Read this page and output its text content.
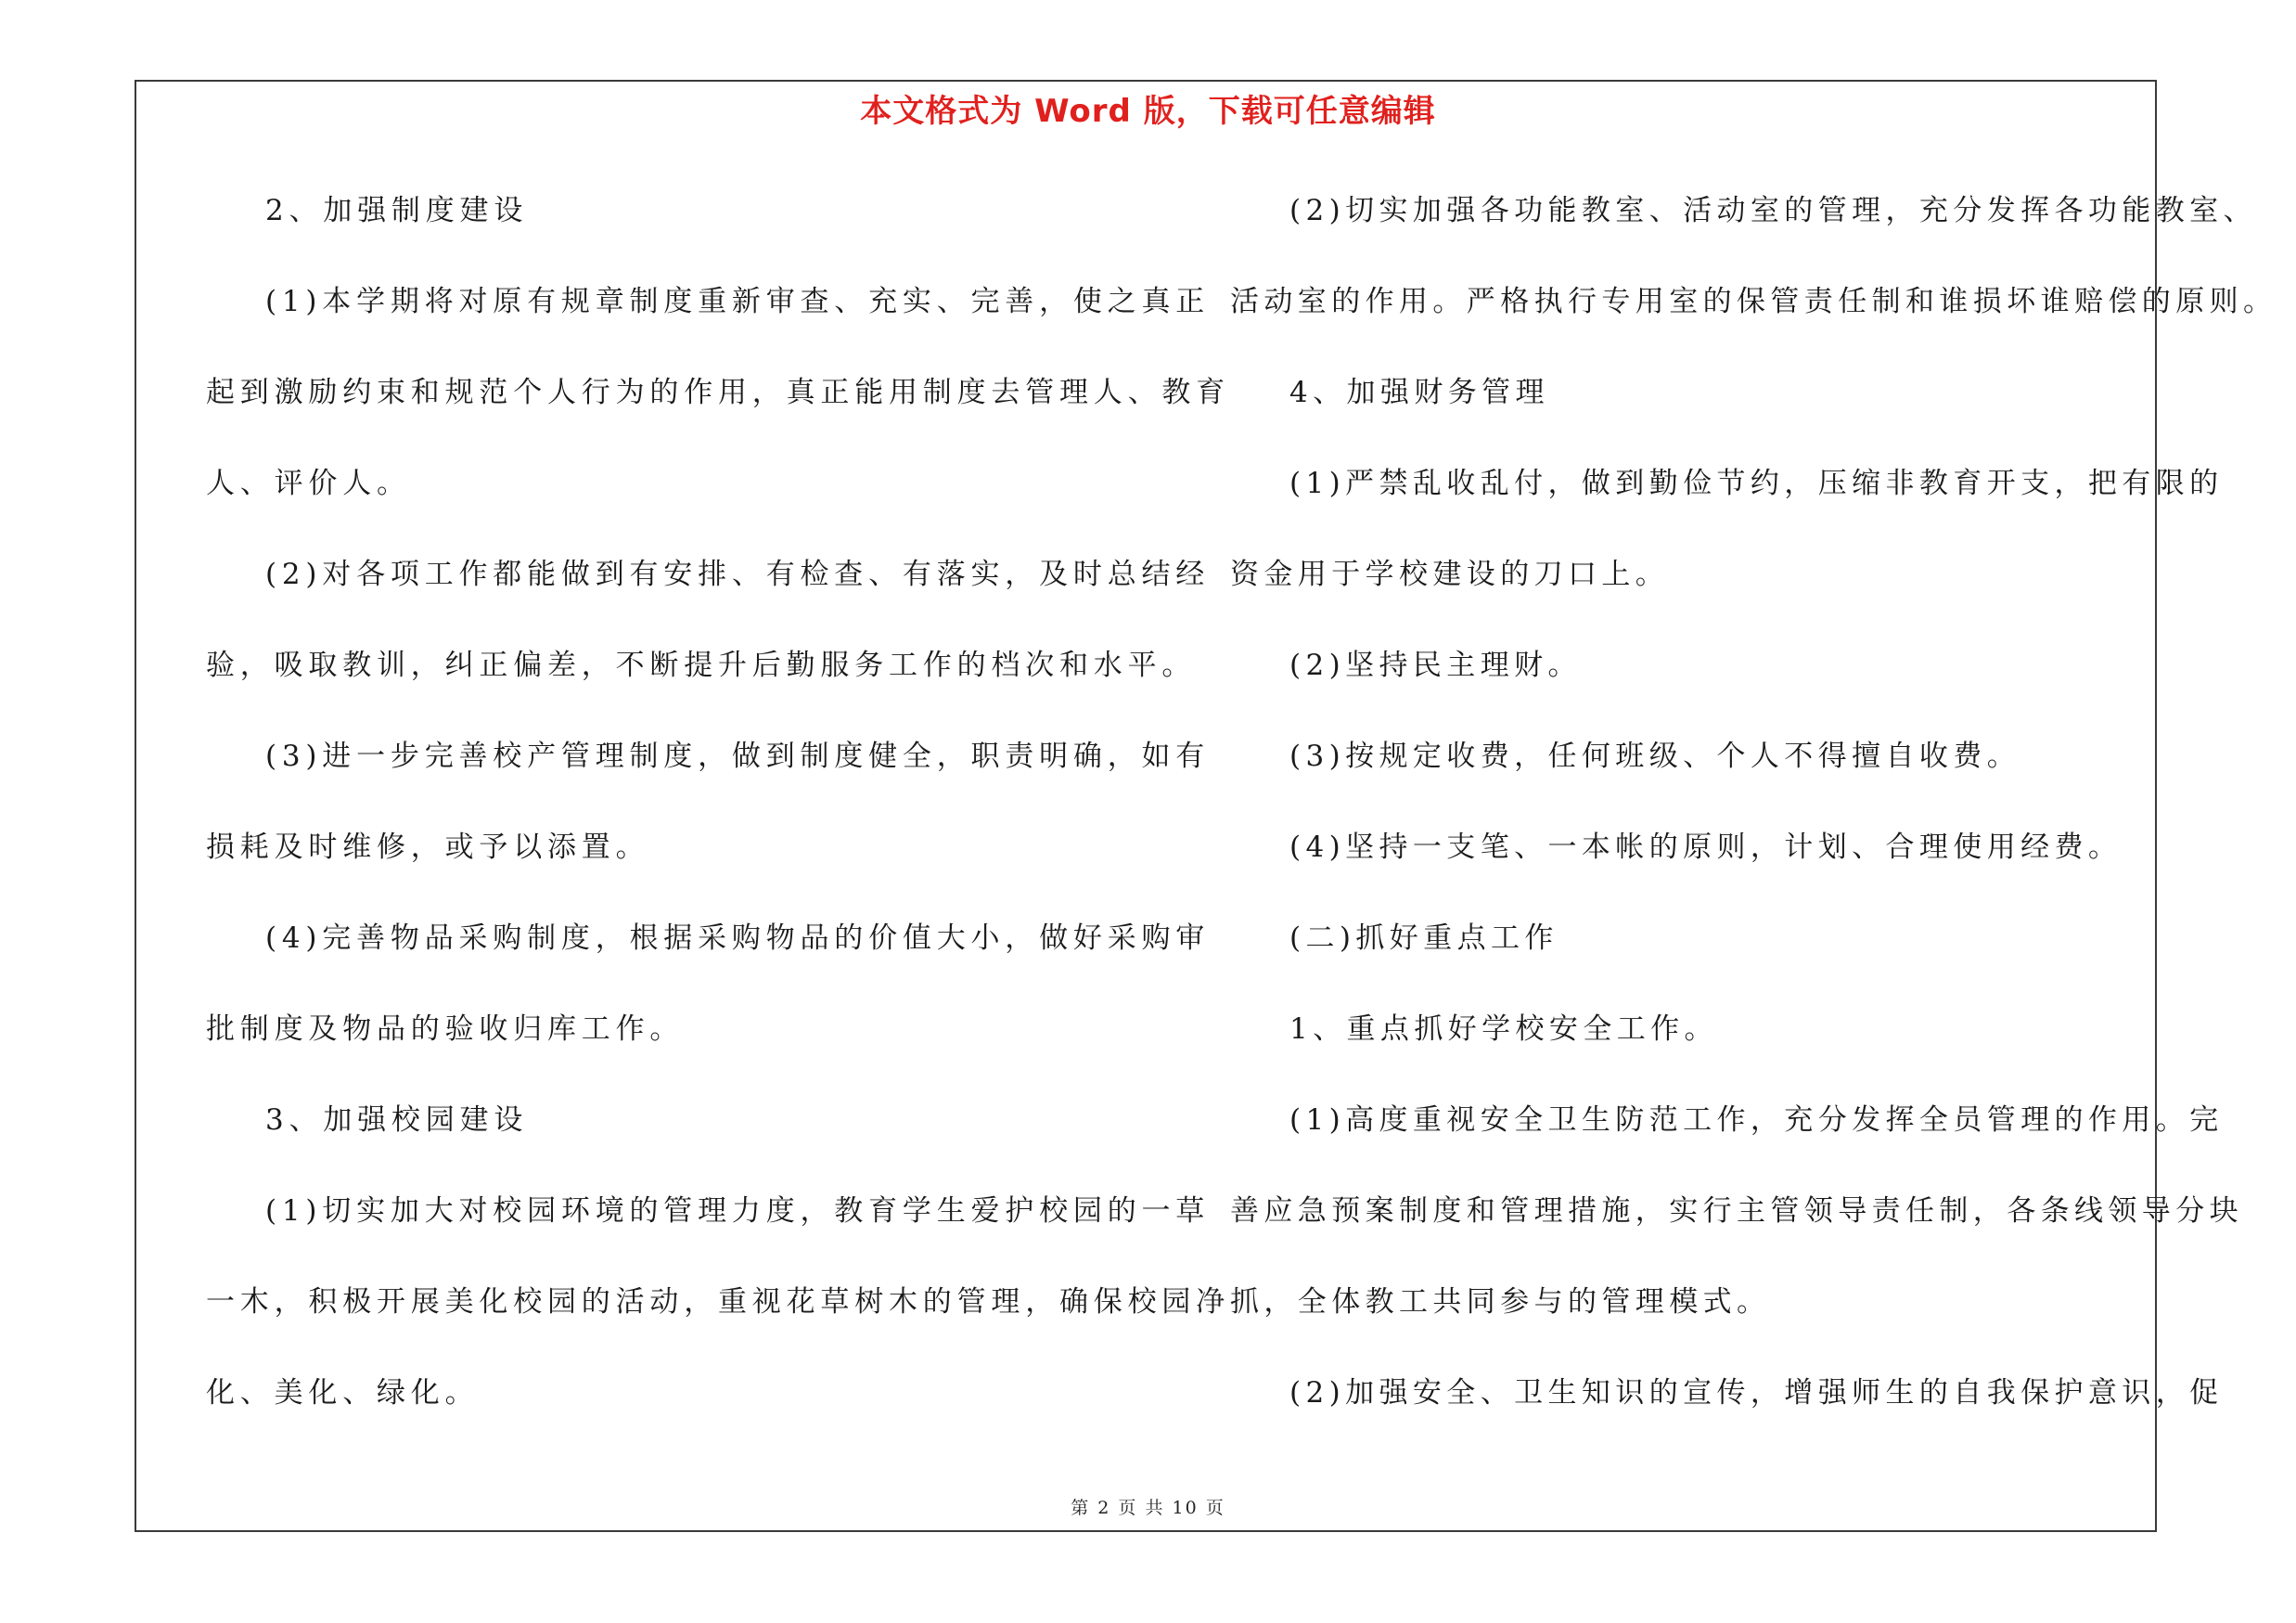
本文格式为 Word 版，下载可任意编辑
2、加强制度建设
(1)本学期将对原有规章制度重新审查、充实、完善，使之真正
起到激励约束和规范个人行为的作用，真正能用制度去管理人、教育
人、评价人。
(2)对各项工作都能做到有安排、有检查、有落实，及时总结经
验，吸取教训，纠正偏差，不断提升后勤服务工作的档次和水平。
(3)进一步完善校产管理制度，做到制度健全，职责明确，如有
损耗及时维修，或予以添置。
(4)完善物品采购制度，根据采购物品的价值大小，做好采购审
批制度及物品的验收归库工作。
3、加强校园建设
(1)切实加大对校园环境的管理力度，教育学生爱护校园的一草
一木，积极开展美化校园的活动，重视花草树木的管理，确保校园净
化、美化、绿化。
(2)切实加强各功能教室、活动室的管理，充分发挥各功能教室、
活动室的作用。严格执行专用室的保管责任制和谁损坏谁赔偿的原则。
4、加强财务管理
(1)严禁乱收乱付，做到勤俭节约，压缩非教育开支，把有限的
资金用于学校建设的刀口上。
(2)坚持民主理财。
(3)按规定收费，任何班级、个人不得擅自收费。
(4)坚持一支笔、一本帐的原则，计划、合理使用经费。
(二)抓好重点工作
1、重点抓好学校安全工作。
(1)高度重视安全卫生防范工作，充分发挥全员管理的作用。完
善应急预案制度和管理措施，实行主管领导责任制，各条线领导分块
抓，全体教工共同参与的管理模式。
(2)加强安全、卫生知识的宣传，增强师生的自我保护意识，促
第 2 页 共 10 页
